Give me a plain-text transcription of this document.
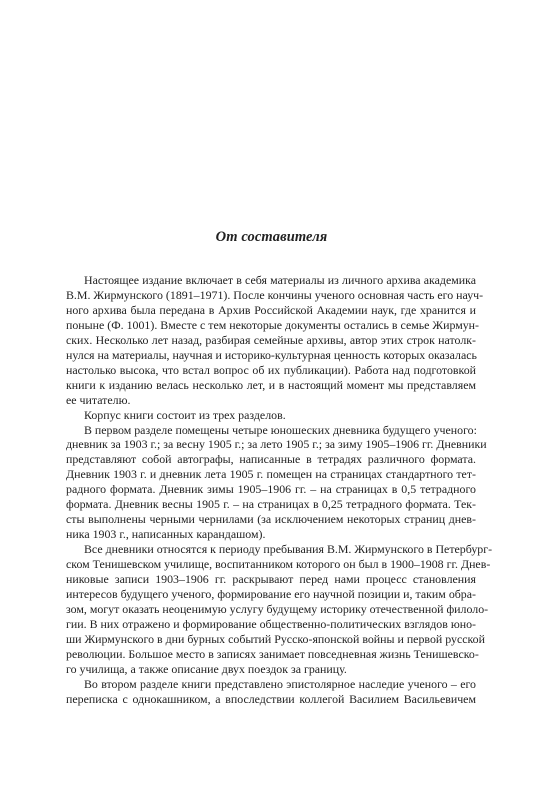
От составителя
Настоящее издание включает в себя материалы из личного архива академика
В.М. Жирмунского (1891–1971). После кончины ученого основная часть его науч-
ного архива была передана в Архив Российской Академии наук, где хранится и
поныне (Ф. 1001). Вместе с тем некоторые документы остались в семье Жирмун-
ских. Несколько лет назад, разбирая семейные архивы, автор этих строк натолк-
нулся на материалы, научная и историко-культурная ценность которых оказалась
настолько высока, что встал вопрос об их публикации). Работа над подготовкой
книги к изданию велась несколько лет, и в настоящий момент мы представляем
ее читателю.
Корпус книги состоит из трех разделов.
В первом разделе помещены четыре юношеских дневника будущего ученого:
дневник за 1903 г.; за весну 1905 г.; за лето 1905 г.; за зиму 1905–1906 гг. Дневники
представляют собой автографы, написанные в тетрадях различного формата.
Дневник 1903 г. и дневник лета 1905 г. помещен на страницах стандартного тет-
радного формата. Дневник зимы 1905–1906 гг. – на страницах в 0,5 тетрадного
формата. Дневник весны 1905 г. – на страницах в 0,25 тетрадного формата. Тек-
сты выполнены черными чернилами (за исключением некоторых страниц днев-
ника 1903 г., написанных карандашом).
Все дневники относятся к периоду пребывания В.М. Жирмунского в Петербург-
ском Тенишевском училище, воспитанником которого он был в 1900–1908 гг. Днев-
никовые записи 1903–1906 гг. раскрывают перед нами процесс становления
интересов будущего ученого, формирование его научной позиции и, таким обра-
зом, могут оказать неоценимую услугу будущему историку отечественной филоло-
гии. В них отражено и формирование общественно-политических взглядов юно-
ши Жирмунского в дни бурных событий Русско-японской войны и первой русской
революции. Большое место в записях занимает повседневная жизнь Тенишевско-
го училища, а также описание двух поездок за границу.
Во втором разделе книги представлено эпистолярное наследие ученого – его
переписка с однокашником, а впоследствии коллегой Василием Васильевичем
